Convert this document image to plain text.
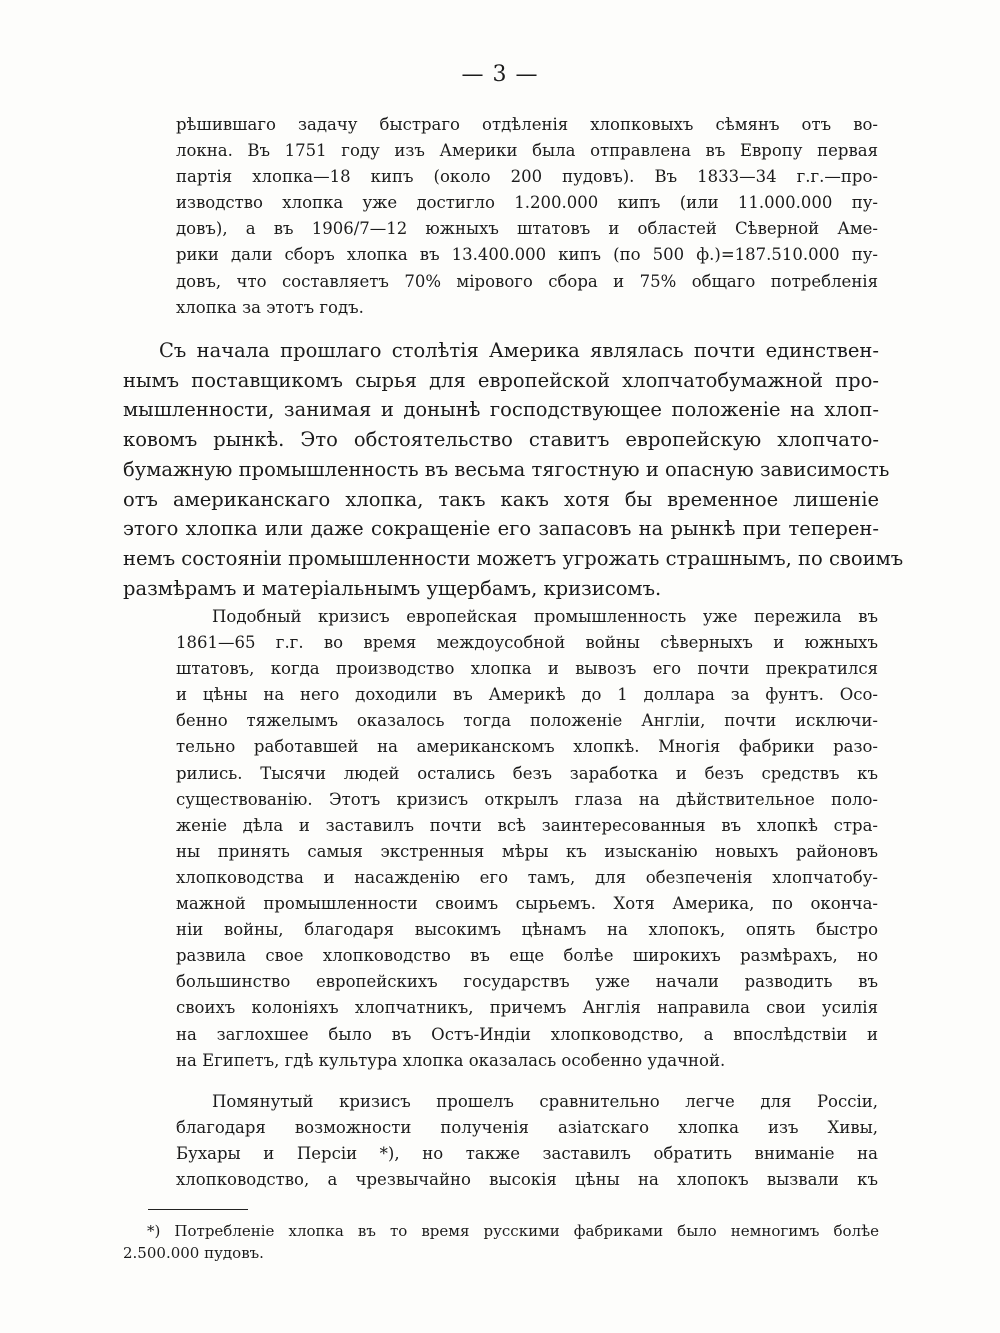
— 3 —
рѣшившаго задачу быстраго отдѣленія хлопковыхъ сѣмянъ отъ во-
локна. Въ 1751 году изъ Америки была отправлена въ Европу первая
партія хлопка—18 кипъ (около 200 пудовъ). Въ 1833—34 г.г.—про-
изводство хлопка уже достигло 1.200.000 кипъ (или 11.000.000 пу-
довъ), а въ 1906/7—12 южныхъ штатовъ и областей Сѣверной Аме-
рики дали сборъ хлопка въ 13.400.000 кипъ (по 500 ф.)=187.510.000 пу-
довъ, что составляетъ 70% мірового сбора и 75% общаго потребленія
хлопка за этотъ годъ.
Съ начала прошлаго столѣтія Америка являлась почти единствен-
нымъ поставщикомъ сырья для европейской хлопчатобумажной про-
мышленности, занимая и донынѣ господствующее положеніе на хлоп-
ковомъ рынкѣ. Это обстоятельство ставитъ европейскую хлопчато-
бумажную промышленность въ весьма тягостную и опасную зависимость
отъ американскаго хлопка, такъ какъ хотя бы временное лишеніе
этого хлопка или даже сокращеніе его запасовъ на рынкѣ при теперен-
немъ состояніи промышленности можетъ угрожать страшнымъ, по своимъ
размѣрамъ и матеріальнымъ ущербамъ, кризисомъ.
Подобный кризисъ европейская промышленность уже пережила въ
1861—65 г.г. во время междоусобной войны сѣверныхъ и южныхъ
штатовъ, когда производство хлопка и вывозъ его почти прекратился
и цѣны на него доходили въ Америкѣ до 1 доллара за фунтъ. Осо-
бенно тяжелымъ оказалось тогда положеніе Англіи, почти исключи-
тельно работавшей на американскомъ хлопкѣ. Многія фабрики разо-
рились. Тысячи людей остались безъ заработка и безъ средствъ къ
существованію. Этотъ кризисъ открылъ глаза на дѣйствительное поло-
женіе дѣла и заставилъ почти всѣ заинтересованныя въ хлопкѣ стра-
ны принять самыя экстренныя мѣры къ изысканію новыхъ районовъ
хлопководства и насажденію его тамъ, для обезпеченія хлопчатобу-
мажной промышленности своимъ сырьемъ. Хотя Америка, по оконча-
ніи войны, благодаря высокимъ цѣнамъ на хлопокъ, опять быстро
развила свое хлопководство въ еще болѣе широкихъ размѣрахъ, но
большинство европейскихъ государствъ уже начали разводить въ
своихъ колоніяхъ хлопчатникъ, причемъ Англія направила свои усилія
на заглохшее было въ Остъ-Индіи хлопководство, а впослѣдствіи и
на Египетъ, гдѣ культура хлопка оказалась особенно удачной.
Помянутый кризисъ прошелъ сравнительно легче для Россіи,
благодаря возможности полученія азіатскаго хлопка изъ Хивы,
Бухары и Персіи *), но также заставилъ обратить вниманіе на
хлопководство, а чрезвычайно высокія цѣны на хлопокъ вызвали къ
*) Потребленіе хлопка въ то время русскими фабриками было немногимъ болѣе
2.500.000 пудовъ.
